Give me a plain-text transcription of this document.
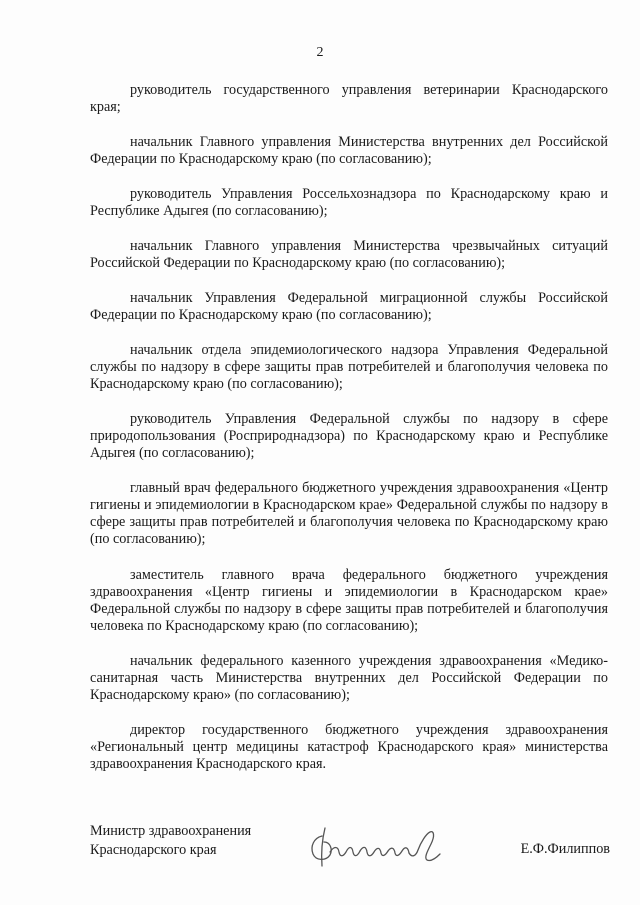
2

руководитель государственного управления ветеринарии Краснодарского края;

начальник Главного управления Министерства внутренних дел Российской Федерации по Краснодарскому краю (по согласованию);

руководитель Управления Россельхознадзора по Краснодарскому краю и Республике Адыгея (по согласованию);

начальник Главного управления Министерства чрезвычайных ситуаций Российской Федерации по Краснодарскому краю (по согласованию);

начальник Управления Федеральной миграционной службы Российской Федерации по Краснодарскому краю (по согласованию);

начальник отдела эпидемиологического надзора Управления Федеральной службы по надзору в сфере защиты прав потребителей и благополучия человека по Краснодарскому краю (по согласованию);

руководитель Управления Федеральной службы по надзору в сфере природопользования (Росприроднадзора) по Краснодарскому краю и Республике Адыгея (по согласованию);

главный врач федерального бюджетного учреждения здравоохранения «Центр гигиены и эпидемиологии в Краснодарском крае» Федеральной службы по надзору в сфере защиты прав потребителей и благополучия человека по Краснодарскому краю (по согласованию);

заместитель главного врача федерального бюджетного учреждения здравоохранения «Центр гигиены и эпидемиологии в Краснодарском крае» Федеральной службы по надзору в сфере защиты прав потребителей и благополучия человека по Краснодарскому краю (по согласованию);

начальник федерального казенного учреждения здравоохранения «Медико-санитарная часть Министерства внутренних дел Российской Федерации по Краснодарскому краю» (по согласованию);

директор государственного бюджетного учреждения здравоохранения «Региональный центр медицины катастроф Краснодарского края» министерства здравоохранения Краснодарского края.

Министр здравоохранения
Краснодарского края	Е.Ф.Филиппов
